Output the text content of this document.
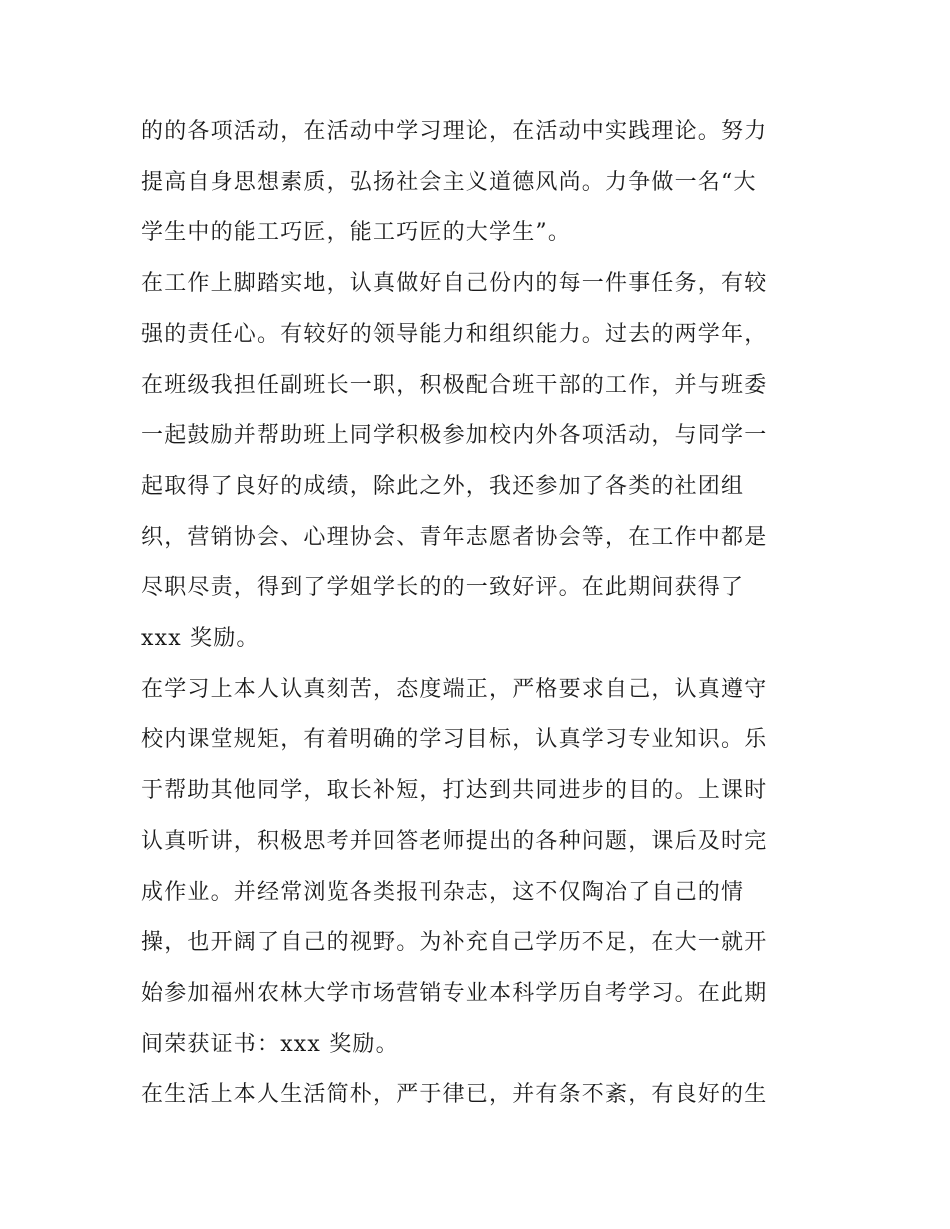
的的各项活动，在活动中学习理论，在活动中实践理论。努力
提高自身思想素质，弘扬社会主义道德风尚。力争做一名“大
学生中的能工巧匠，能工巧匠的大学生”。

在工作上脚踏实地，认真做好自己份内的每一件事任务，有较
强的责任心。有较好的领导能力和组织能力。过去的两学年，
在班级我担任副班长一职，积极配合班干部的工作，并与班委
一起鼓励并帮助班上同学积极参加校内外各项活动，与同学一
起取得了良好的成绩，除此之外，我还参加了各类的社团组
织，营销协会、心理协会、青年志愿者协会等，在工作中都是
尽职尽责，得到了学姐学长的的一致好评。在此期间获得了
xxx 奖励。

在学习上本人认真刻苦，态度端正，严格要求自己，认真遵守
校内课堂规矩，有着明确的学习目标，认真学习专业知识。乐
于帮助其他同学，取长补短，打达到共同进步的目的。上课时
认真听讲，积极思考并回答老师提出的各种问题，课后及时完
成作业。并经常浏览各类报刊杂志，这不仅陶冶了自己的情
操，也开阔了自己的视野。为补充自己学历不足，在大一就开
始参加福州农林大学市场营销专业本科学历自考学习。在此期
间荣获证书：xxx 奖励。

在生活上本人生活简朴，严于律已，并有条不紊，有良好的生
